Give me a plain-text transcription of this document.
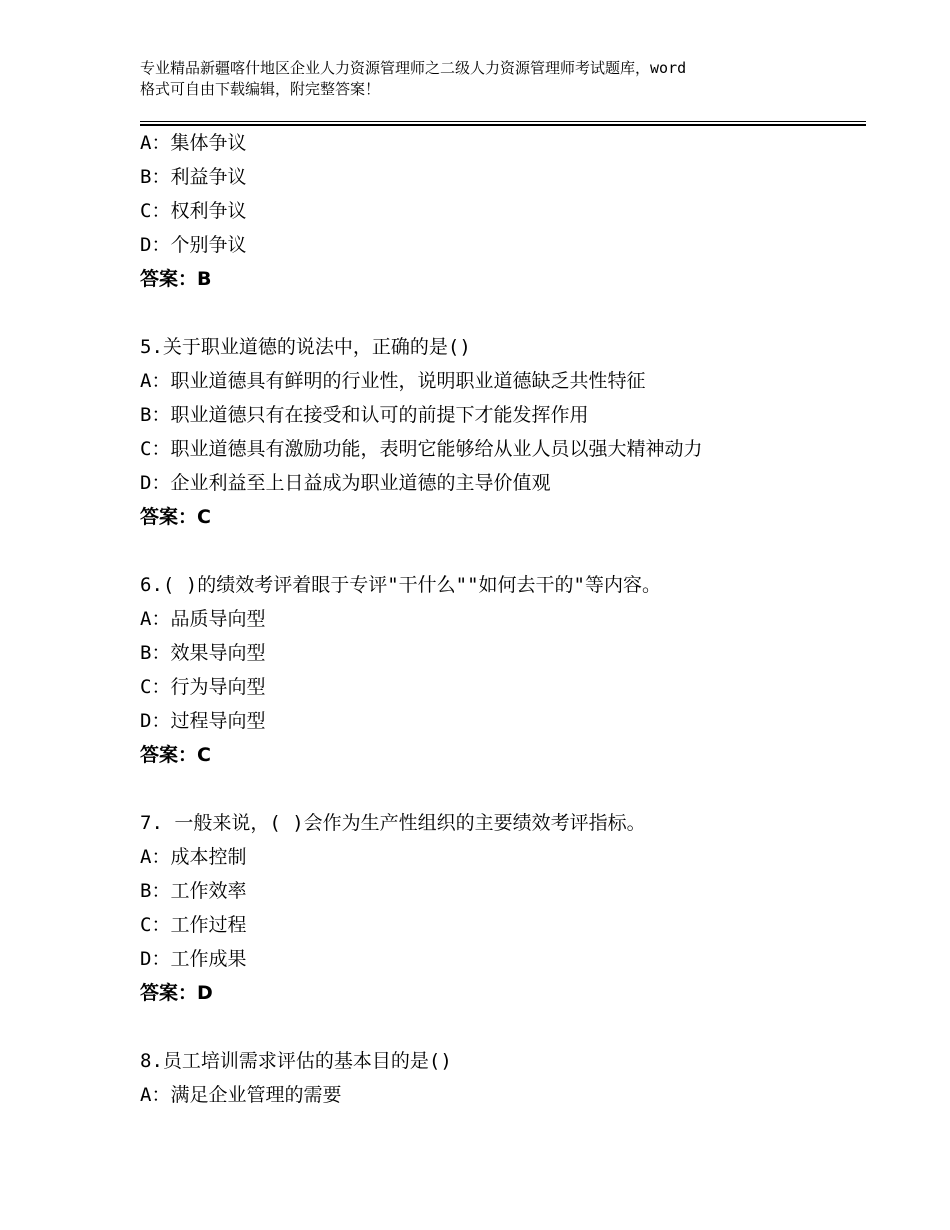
专业精品新疆喀什地区企业人力资源管理师之二级人力资源管理师考试题库，word
格式可自由下载编辑，附完整答案！
A：集体争议
B：利益争议
C：权利争议
D：个别争议
答案：B
5.关于职业道德的说法中，正确的是()
A：职业道德具有鲜明的行业性，说明职业道德缺乏共性特征
B：职业道德只有在接受和认可的前提下才能发挥作用
C：职业道德具有激励功能，表明它能够给从业人员以强大精神动力
D：企业利益至上日益成为职业道德的主导价值观
答案：C
6.( )的绩效考评着眼于专评"干什么""如何去干的"等内容。
A：品质导向型
B：效果导向型
C：行为导向型
D：过程导向型
答案：C
7. 一般来说，( )会作为生产性组织的主要绩效考评指标。
A：成本控制
B：工作效率
C：工作过程
D：工作成果
答案：D
8.员工培训需求评估的基本目的是()
A：满足企业管理的需要
